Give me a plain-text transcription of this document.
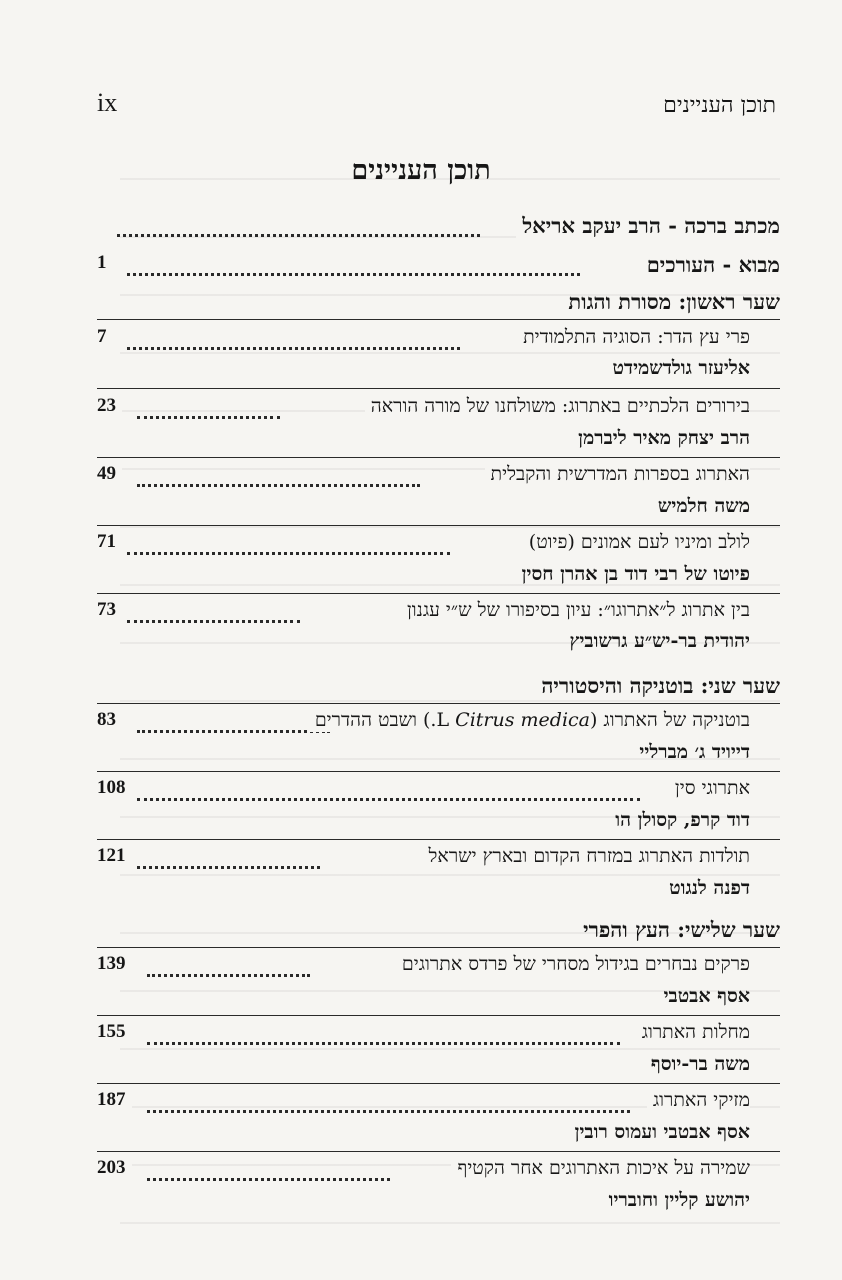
תוכן העניינים
ix
תוכן העניינים
מכתב ברכה - הרב יעקב אריאל
מבוא - העורכים
1
שער ראשון: מסורת והגות
פרי עץ הדר: הסוגיה התלמודית
7
אליעזר גולדשמידט
בירורים הלכתיים באתרוג: משולחנו של מורה הוראה
23
הרב יצחק מאיר ליברמן
האתרוג בספרות המדרשית והקבלית
49
משה חלמיש
לולב ומיניו לעם אמונים (פיוט)
71
פיוטו של רבי דוד בן אהרן חסין
בין אתרוג ל״אתרוגו״: עיון בסיפורו של ש״י עגנון
73
יהודית בר-יש״ע גרשוביץ
שער שני: בוטניקה והיסטוריה
בוטניקה של האתרוג (Citrus medica L.) ושבט ההדרים
83
דייויד ג׳ מברליי
אתרוגי סין
108
דוד קרפ, קסולן הו
תולדות האתרוג במזרח הקדום ובארץ ישראל
121
דפנה לנגוט
שער שלישי: העץ והפרי
פרקים נבחרים בגידול מסחרי של פרדס אתרוגים
139
אסף אבטבי
מחלות האתרוג
155
משה בר-יוסף
מזיקי האתרוג
187
אסף אבטבי ועמוס רובין
שמירה על איכות האתרוגים אחר הקטיף
203
יהושע קליין וחובריו
